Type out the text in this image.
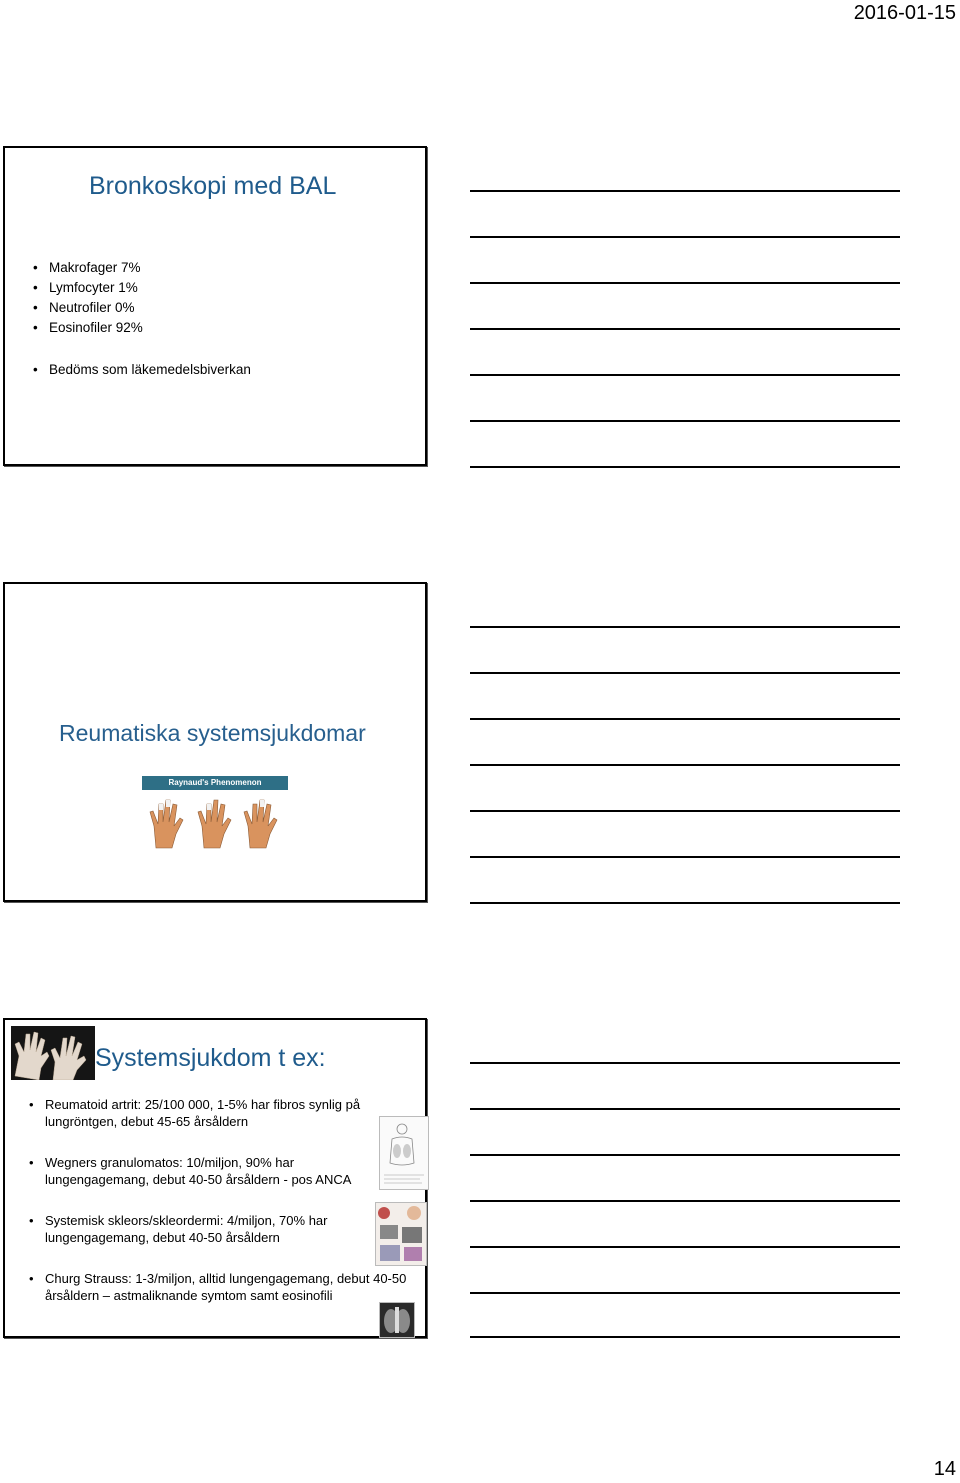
2016-01-15
Bronkoskopi med BAL
• Makrofager 7%
• Lymfocyter 1%
• Neutrofiler 0%
• Eosinofiler 92%
• Bedöms som läkemedelsbiverkan
Reumatiska systemsjukdomar
Raynaud's Phenomenon
Systemsjukdom t ex:
• Reumatoid artrit: 25/100 000, 1-5% har fibros synlig på lungröntgen, debut 45-65 årsåldern
• Wegners granulomatos: 10/miljon, 90% har lungengagemang, debut 40-50 årsåldern - pos ANCA
• Systemisk skleors/skleordermi: 4/miljon, 70% har lungengagemang, debut 40-50 årsåldern
• Churg Strauss: 1-3/miljon, alltid lungengagemang, debut 40-50 årsåldern – astmaliknande symtom samt eosinofili
14
